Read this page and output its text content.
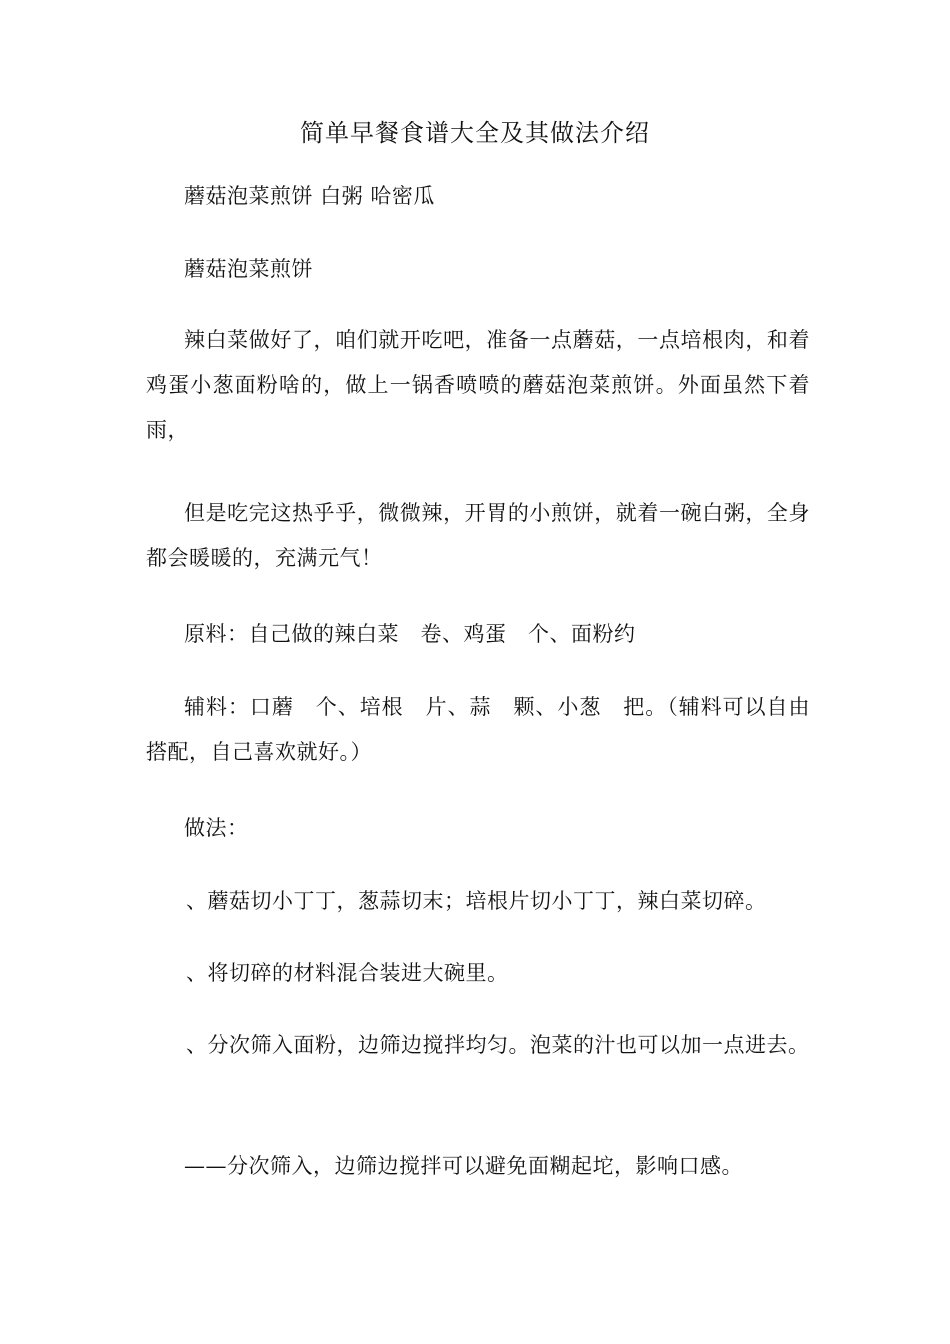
简单早餐食谱大全及其做法介绍

蘑菇泡菜煎饼 白粥 哈密瓜

蘑菇泡菜煎饼

辣白菜做好了，咱们就开吃吧，准备一点蘑菇，一点培根肉，和着鸡蛋小葱面粉啥的，做上一锅香喷喷的蘑菇泡菜煎饼。外面虽然下着雨，

但是吃完这热乎乎，微微辣，开胃的小煎饼，就着一碗白粥，全身都会暖暖的，充满元气！

原料：自己做的辣白菜　卷、鸡蛋　个、面粉约

辅料：口蘑　个、培根　片、蒜　颗、小葱　把。（辅料可以自由搭配，自己喜欢就好。）

做法：

、蘑菇切小丁丁，葱蒜切末；培根片切小丁丁，辣白菜切碎。

、将切碎的材料混合装进大碗里。

、分次筛入面粉，边筛边搅拌均匀。泡菜的汁也可以加一点进去。

——分次筛入，边筛边搅拌可以避免面糊起坨，影响口感。
